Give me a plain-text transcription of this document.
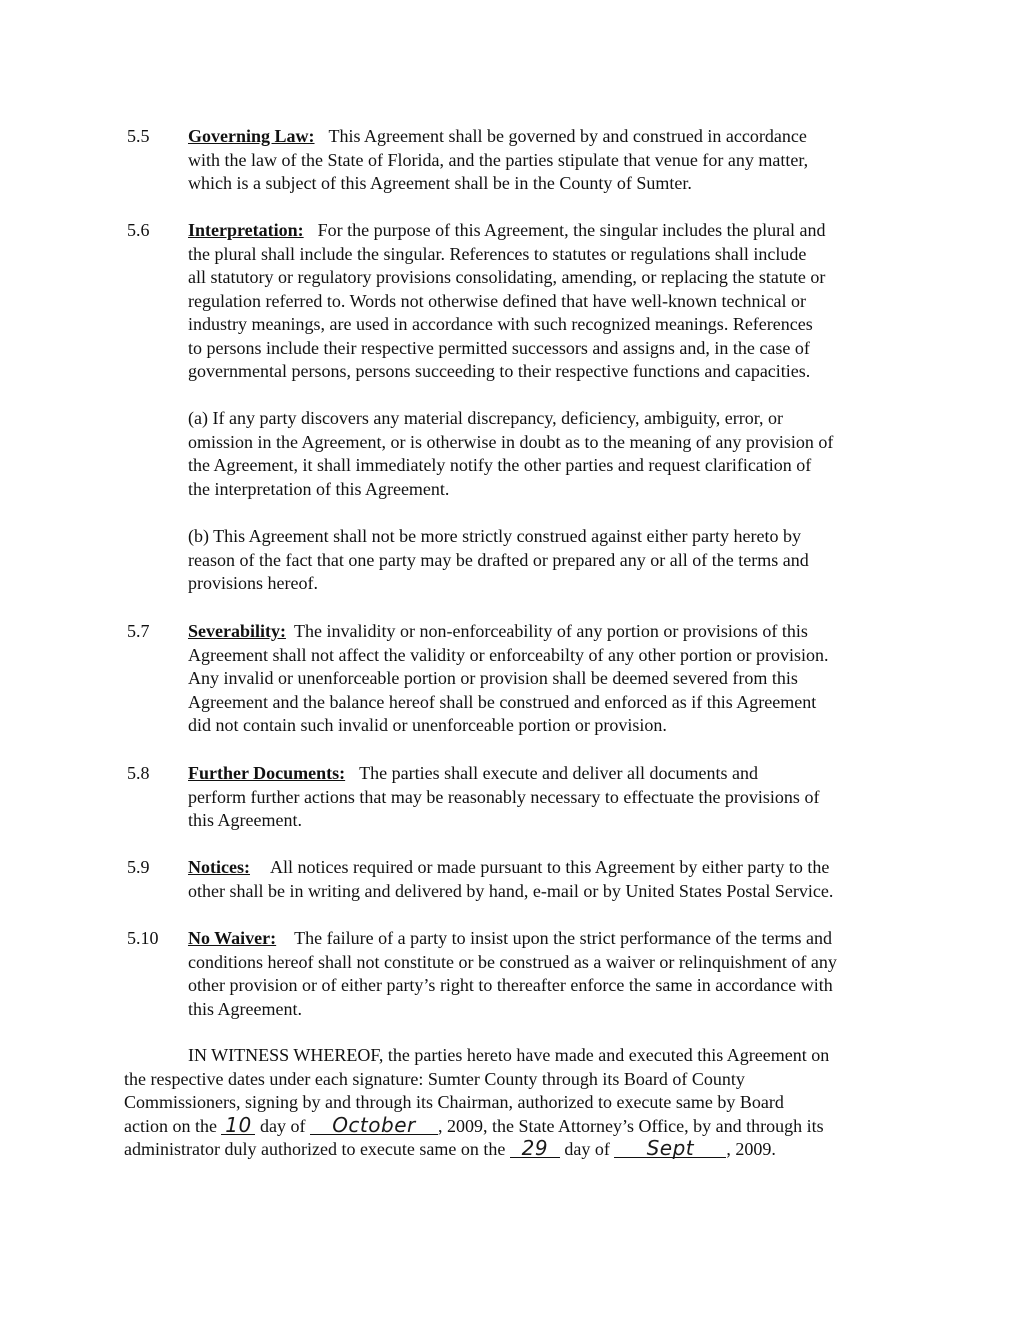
5.5 Governing Law: This Agreement shall be governed by and construed in accordance
with the law of the State of Florida, and the parties stipulate that venue for any matter,
which is a subject of this Agreement shall be in the County of Sumter.
5.6 Interpretation: For the purpose of this Agreement, the singular includes the plural and
the plural shall include the singular. References to statutes or regulations shall include
all statutory or regulatory provisions consolidating, amending, or replacing the statute or
regulation referred to. Words not otherwise defined that have well-known technical or
industry meanings, are used in accordance with such recognized meanings. References
to persons include their respective permitted successors and assigns and, in the case of
governmental persons, persons succeeding to their respective functions and capacities.
(a) If any party discovers any material discrepancy, deficiency, ambiguity, error, or
omission in the Agreement, or is otherwise in doubt as to the meaning of any provision of
the Agreement, it shall immediately notify the other parties and request clarification of
the interpretation of this Agreement.
(b) This Agreement shall not be more strictly construed against either party hereto by
reason of the fact that one party may be drafted or prepared any or all of the terms and
provisions hereof.
5.7 Severability: The invalidity or non-enforceability of any portion or provisions of this
Agreement shall not affect the validity or enforceabilty of any other portion or provision.
Any invalid or unenforceable portion or provision shall be deemed severed from this
Agreement and the balance hereof shall be construed and enforced as if this Agreement
did not contain such invalid or unenforceable portion or provision.
5.8 Further Documents: The parties shall execute and deliver all documents and
perform further actions that may be reasonably necessary to effectuate the provisions of
this Agreement.
5.9 Notices: All notices required or made pursuant to this Agreement by either party to the
other shall be in writing and delivered by hand, e-mail or by United States Postal Service.
5.10 No Waiver: The failure of a party to insist upon the strict performance of the terms and
conditions hereof shall not constitute or be construed as a waiver or relinquishment of any
other provision or of either party’s right to thereafter enforce the same in accordance with
this Agreement.
IN WITNESS WHEREOF, the parties hereto have made and executed this Agreement on
the respective dates under each signature: Sumter County through its Board of County
Commissioners, signing by and through its Chairman, authorized to execute same by Board
action on the 10 day of October , 2009, the State Attorney’s Office, by and through its
administrator duly authorized to execute same on the 29 day of Sept , 2009.
